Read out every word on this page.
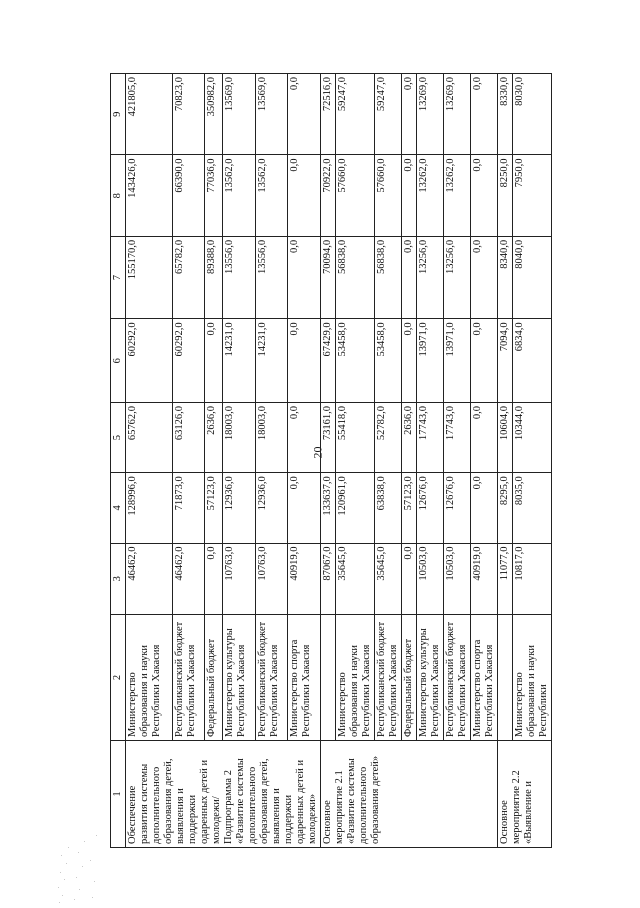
20
1	2	3	4	5	6	7	8	9
Обеспечение развития системы дополнительного образования детей, выявления и поддержки одаренных детей и молодежи/Подпрограмма 2 «Развитие системы дополнительного образования детей, выявления и поддержки одаренных детей и молодежи»	Министерство образования и науки Республики Хакасия	46462,0	128996,0	65762,0	60292,0	155170,0	143426,0	421805,0
	Республиканский бюджет Республики Хакасия	46462,0	71873,0	63126,0	60292,0	65782,0	66390,0	70823,0
	Федеральный бюджет	0,0	57123,0	2636,0	0,0	89388,0	77036,0	350982,0
	Министерство культуры Республики Хакасия	10763,0	12936,0	18003,0	14231,0	13556,0	13562,0	13569,0
	Республиканский бюджет Республики Хакасия	10763,0	12936,0	18003,0	14231,0	13556,0	13562,0	13569,0
	Министерство спорта Республики Хакасия	40919,0	0,0	0,0	0,0	0,0	0,0	0,0
Основное мероприятие 2.1 «Развитие системы дополнительного образования детей»		87067,0	133637,0	73161,0	67429,0	70094,0	70922,0	72516,0
	Министерство образования и науки Республики Хакасия	35645,0	120961,0	55418,0	53458,0	56838,0	57660,0	59247,0
	Республиканский бюджет Республики Хакасия	35645,0	63838,0	52782,0	53458,0	56838,0	57660,0	59247,0
	Федеральный бюджет	0,0	57123,0	2636,0	0,0	0,0	0,0	0,0
	Министерство культуры Республики Хакасия	10503,0	12676,0	17743,0	13971,0	13256,0	13262,0	13269,0
	Республиканский бюджет Республики Хакасия	10503,0	12676,0	17743,0	13971,0	13256,0	13262,0	13269,0
	Министерство спорта Республики Хакасия	40919,0	0,0	0,0	0,0	0,0	0,0	0,0
Основное мероприятие 2.2 «Выявление и		11077,0	8295,0	10604,0	7094,0	8340,0	8250,0	8330,0
	Министерство образования и науки Республики	10817,0	8035,0	10344,0	6834,0	8040,0	7950,0	8030,0
